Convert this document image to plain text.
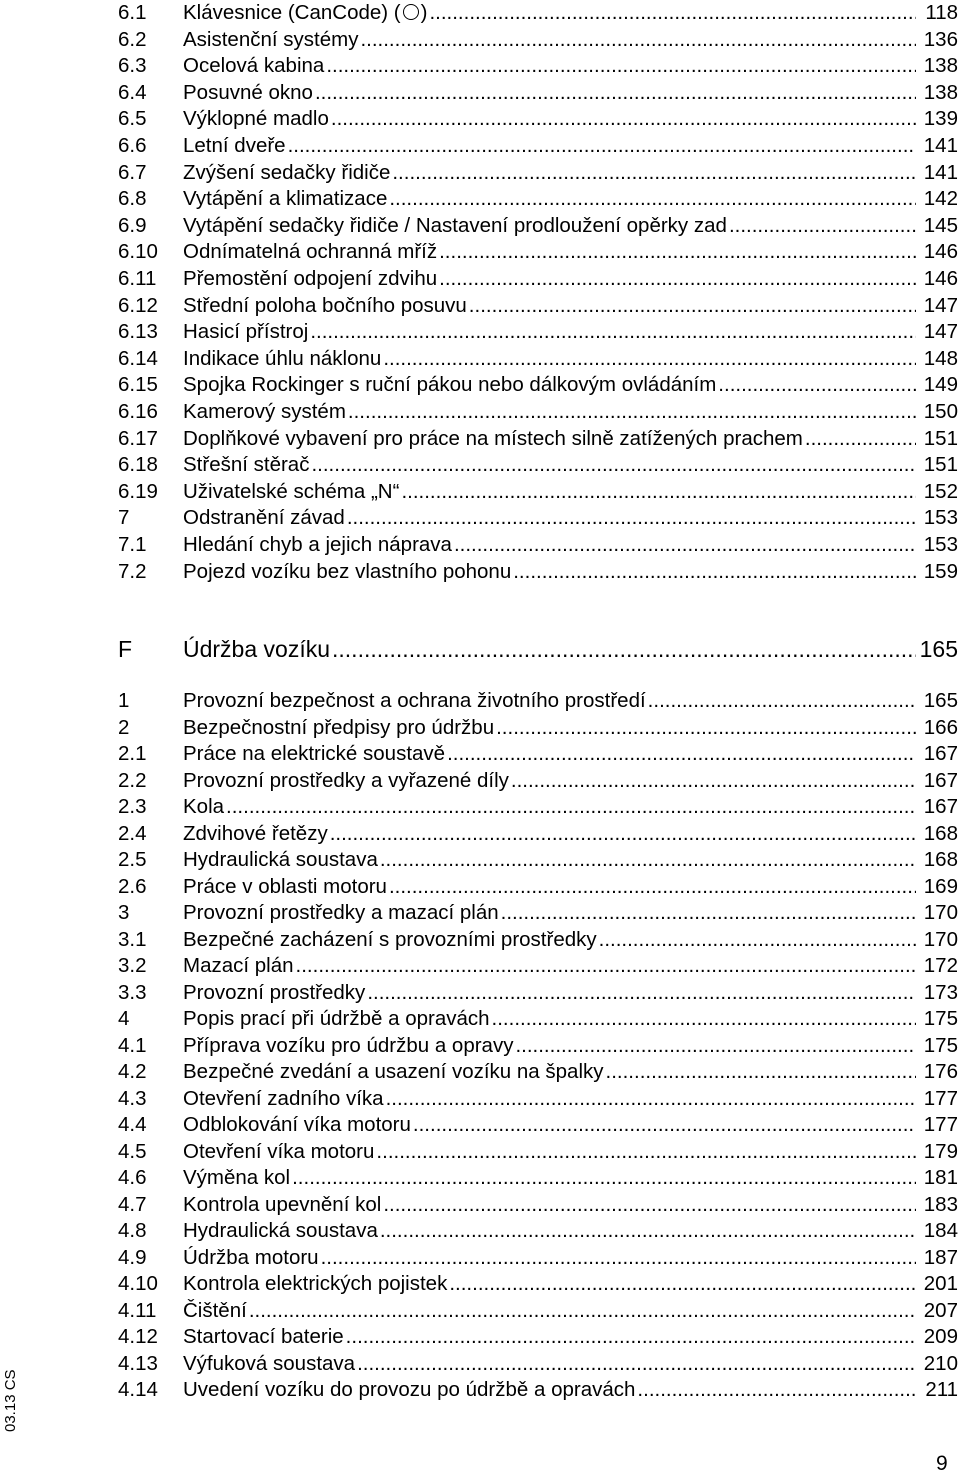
6.1	Klávesnice (CanCode) ( ) .....	118
6.2	Asistenční systémy .....	136
6.3	Ocelová kabina .....	138
6.4	Posuvné okno .....	138
6.5	Výklopné madlo .....	139
6.6	Letní dveře .....	141
6.7	Zvýšení sedačky řidiče .....	141
6.8	Vytápění a klimatizace .....	142
6.9	Vytápění sedačky řidiče / Nastavení prodloužení opěrky zad .....	145
6.10	Odnímatelná ochranná mříž .....	146
6.11	Přemostění odpojení zdvihu .....	146
6.12	Střední poloha bočního posuvu .....	147
6.13	Hasicí přístroj .....	147
6.14	Indikace úhlu náklonu .....	148
6.15	Spojka Rockinger s ruční pákou nebo dálkovým ovládáním .....	149
6.16	Kamerový systém .....	150
6.17	Doplňkové vybavení pro práce na místech silně zatížených prachem .....	151
6.18	Střešní stěrač .....	151
6.19	Uživatelské schéma „N“ .....	152
7	Odstranění závad .....	153
7.1	Hledání chyb a jejich náprava .....	153
7.2	Pojezd vozíku bez vlastního pohonu .....	159
F	Údržba vozíku .....	165
1	Provozní bezpečnost a ochrana životního prostředí .....	165
2	Bezpečnostní předpisy pro údržbu .....	166
2.1	Práce na elektrické soustavě .....	167
2.2	Provozní prostředky a vyřazené díly .....	167
2.3	Kola .....	167
2.4	Zdvihové řetězy .....	168
2.5	Hydraulická soustava .....	168
2.6	Práce v oblasti motoru .....	169
3	Provozní prostředky a mazací plán .....	170
3.1	Bezpečné zacházení s provozními prostředky .....	170
3.2	Mazací plán .....	172
3.3	Provozní prostředky .....	173
4	Popis prací při údržbě a opravách .....	175
4.1	Příprava vozíku pro údržbu a opravy .....	175
4.2	Bezpečné zvedání a usazení vozíku na špalky .....	176
4.3	Otevření zadního víka .....	177
4.4	Odblokování víka motoru .....	177
4.5	Otevření víka motoru .....	179
4.6	Výměna kol .....	181
4.7	Kontrola upevnění kol .....	183
4.8	Hydraulická soustava .....	184
4.9	Údržba motoru .....	187
4.10	Kontrola elektrických pojistek .....	201
4.11	Čištění .....	207
4.12	Startovací baterie .....	209
4.13	Výfuková soustava .....	210
4.14	Uvedení vozíku do provozu po údržbě a opravách .....	211
03.13 CS
9
